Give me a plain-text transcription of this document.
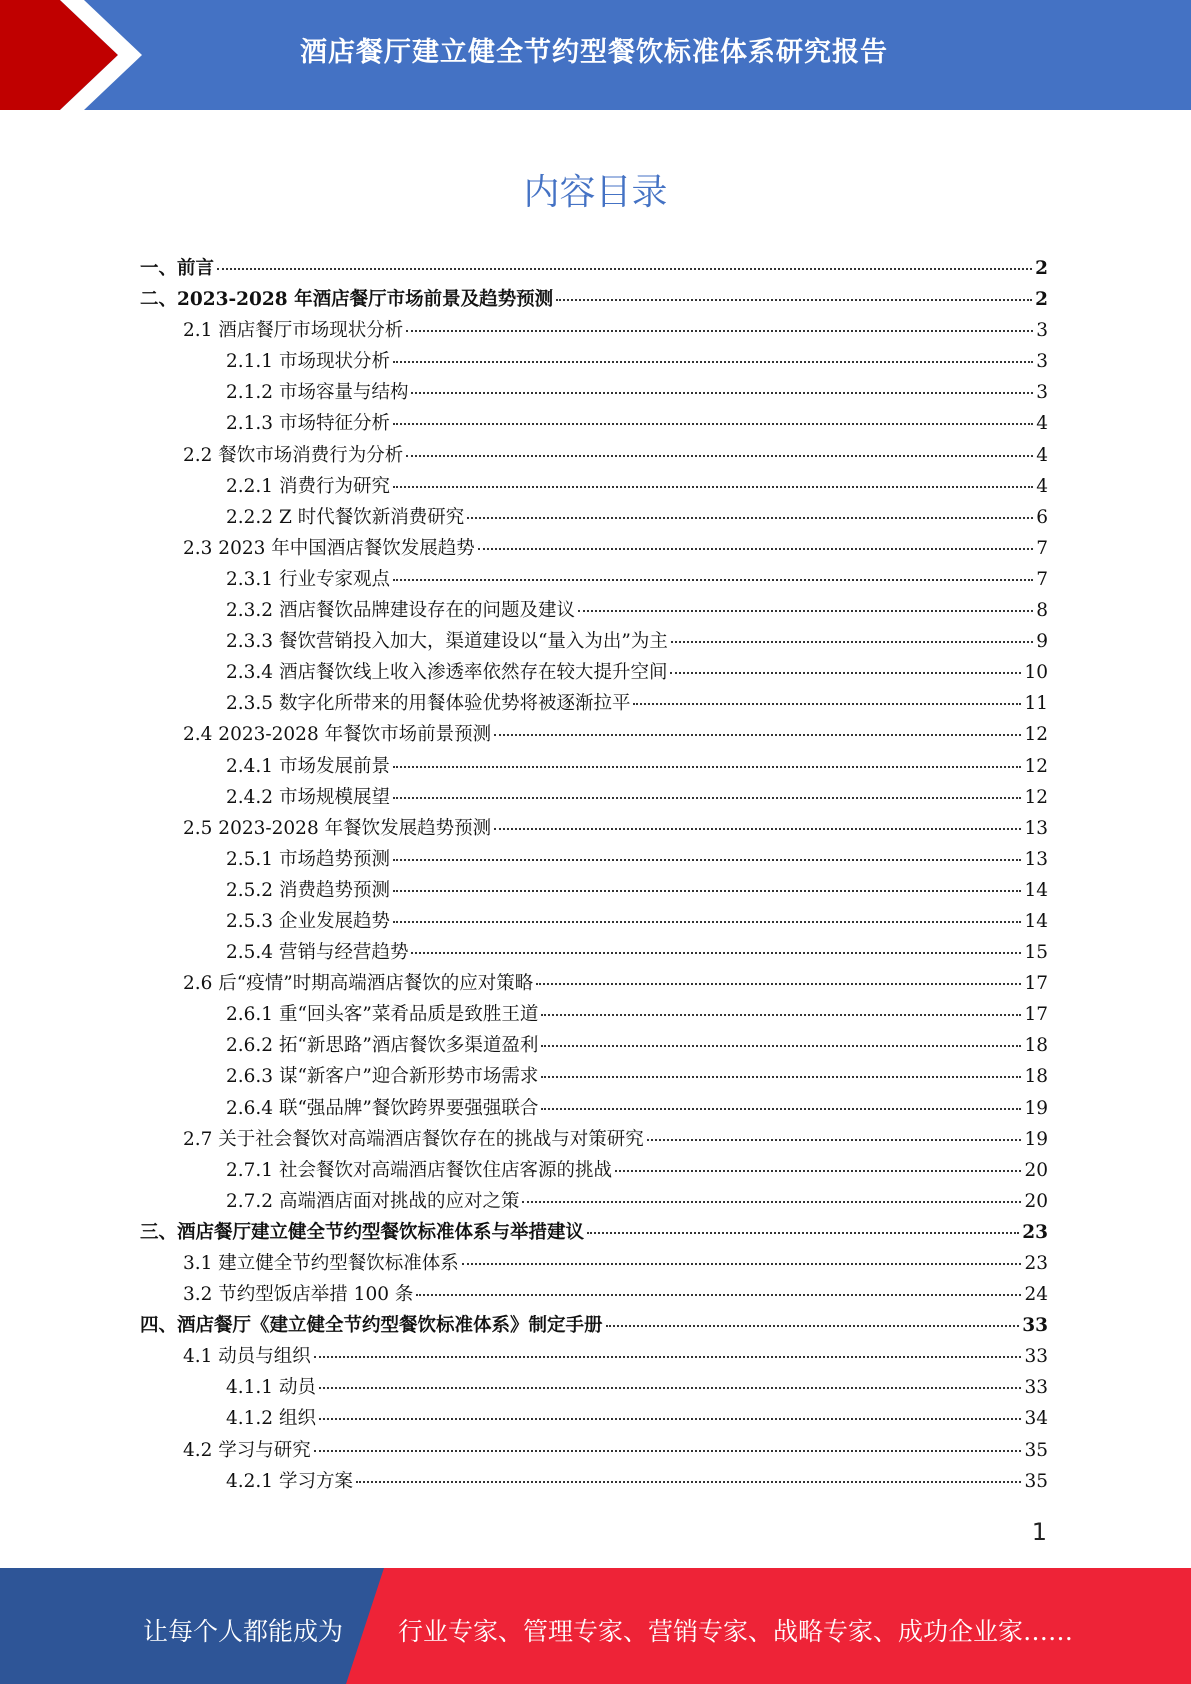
酒店餐厅建立健全节约型餐饮标准体系研究报告
内容目录
一、前言	2
二、2023-2028 年酒店餐厅市场前景及趋势预测	2
2.1 酒店餐厅市场现状分析	3
2.1.1 市场现状分析	3
2.1.2 市场容量与结构	3
2.1.3 市场特征分析	4
2.2 餐饮市场消费行为分析	4
2.2.1 消费行为研究	4
2.2.2 Z 时代餐饮新消费研究	6
2.3 2023 年中国酒店餐饮发展趋势	7
2.3.1 行业专家观点	7
2.3.2 酒店餐饮品牌建设存在的问题及建议	8
2.3.3 餐饮营销投入加大，渠道建设以“量入为出”为主	9
2.3.4 酒店餐饮线上收入渗透率依然存在较大提升空间	10
2.3.5 数字化所带来的用餐体验优势将被逐渐拉平	11
2.4 2023-2028 年餐饮市场前景预测	12
2.4.1 市场发展前景	12
2.4.2 市场规模展望	12
2.5 2023-2028 年餐饮发展趋势预测	13
2.5.1 市场趋势预测	13
2.5.2 消费趋势预测	14
2.5.3 企业发展趋势	14
2.5.4 营销与经营趋势	15
2.6 后“疫情”时期高端酒店餐饮的应对策略	17
2.6.1 重“回头客”菜肴品质是致胜王道	17
2.6.2 拓“新思路”酒店餐饮多渠道盈利	18
2.6.3 谋“新客户”迎合新形势市场需求	18
2.6.4 联“强品牌”餐饮跨界要强强联合	19
2.7 关于社会餐饮对高端酒店餐饮存在的挑战与对策研究	19
2.7.1 社会餐饮对高端酒店餐饮住店客源的挑战	20
2.7.2 高端酒店面对挑战的应对之策	20
三、酒店餐厅建立健全节约型餐饮标准体系与举措建议	23
3.1 建立健全节约型餐饮标准体系	23
3.2 节约型饭店举措 100 条	24
四、酒店餐厅《建立健全节约型餐饮标准体系》制定手册	33
4.1 动员与组织	33
4.1.1 动员	33
4.1.2 组织	34
4.2 学习与研究	35
4.2.1 学习方案	35
1
让每个人都能成为 行业专家、管理专家、营销专家、战略专家、成功企业家……
